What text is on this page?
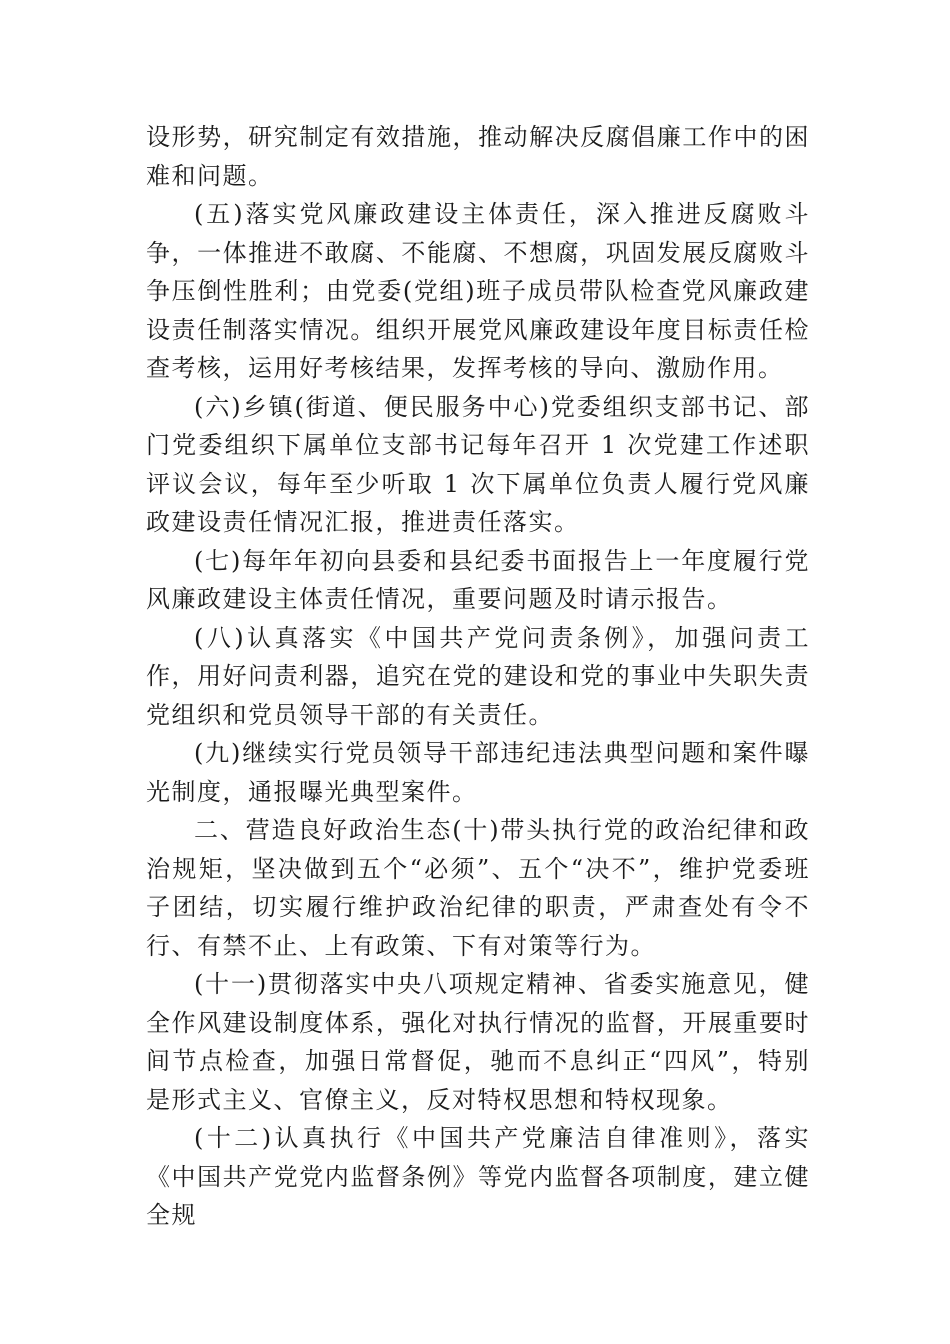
设形势，研究制定有效措施，推动解决反腐倡廉工作中的困难和问题。

(五)落实党风廉政建设主体责任，深入推进反腐败斗争，一体推进不敢腐、不能腐、不想腐，巩固发展反腐败斗争压倒性胜利；由党委(党组)班子成员带队检查党风廉政建设责任制落实情况。组织开展党风廉政建设年度目标责任检查考核，运用好考核结果，发挥考核的导向、激励作用。

(六)乡镇(街道、便民服务中心)党委组织支部书记、部门党委组织下属单位支部书记每年召开 1 次党建工作述职评议会议，每年至少听取 1 次下属单位负责人履行党风廉政建设责任情况汇报，推进责任落实。

(七)每年年初向县委和县纪委书面报告上一年度履行党风廉政建设主体责任情况，重要问题及时请示报告。

(八)认真落实《中国共产党问责条例》，加强问责工作，用好问责利器，追究在党的建设和党的事业中失职失责党组织和党员领导干部的有关责任。

(九)继续实行党员领导干部违纪违法典型问题和案件曝光制度，通报曝光典型案件。

二、营造良好政治生态(十)带头执行党的政治纪律和政治规矩，坚决做到五个“必须”、五个“决不”，维护党委班子团结，切实履行维护政治纪律的职责，严肃查处有令不行、有禁不止、上有政策、下有对策等行为。

(十一)贯彻落实中央八项规定精神、省委实施意见，健全作风建设制度体系，强化对执行情况的监督，开展重要时间节点检查，加强日常督促，驰而不息纠正“四风”，特别是形式主义、官僚主义，反对特权思想和特权现象。

(十二)认真执行《中国共产党廉洁自律准则》，落实《中国共产党党内监督条例》等党内监督各项制度，建立健全规
